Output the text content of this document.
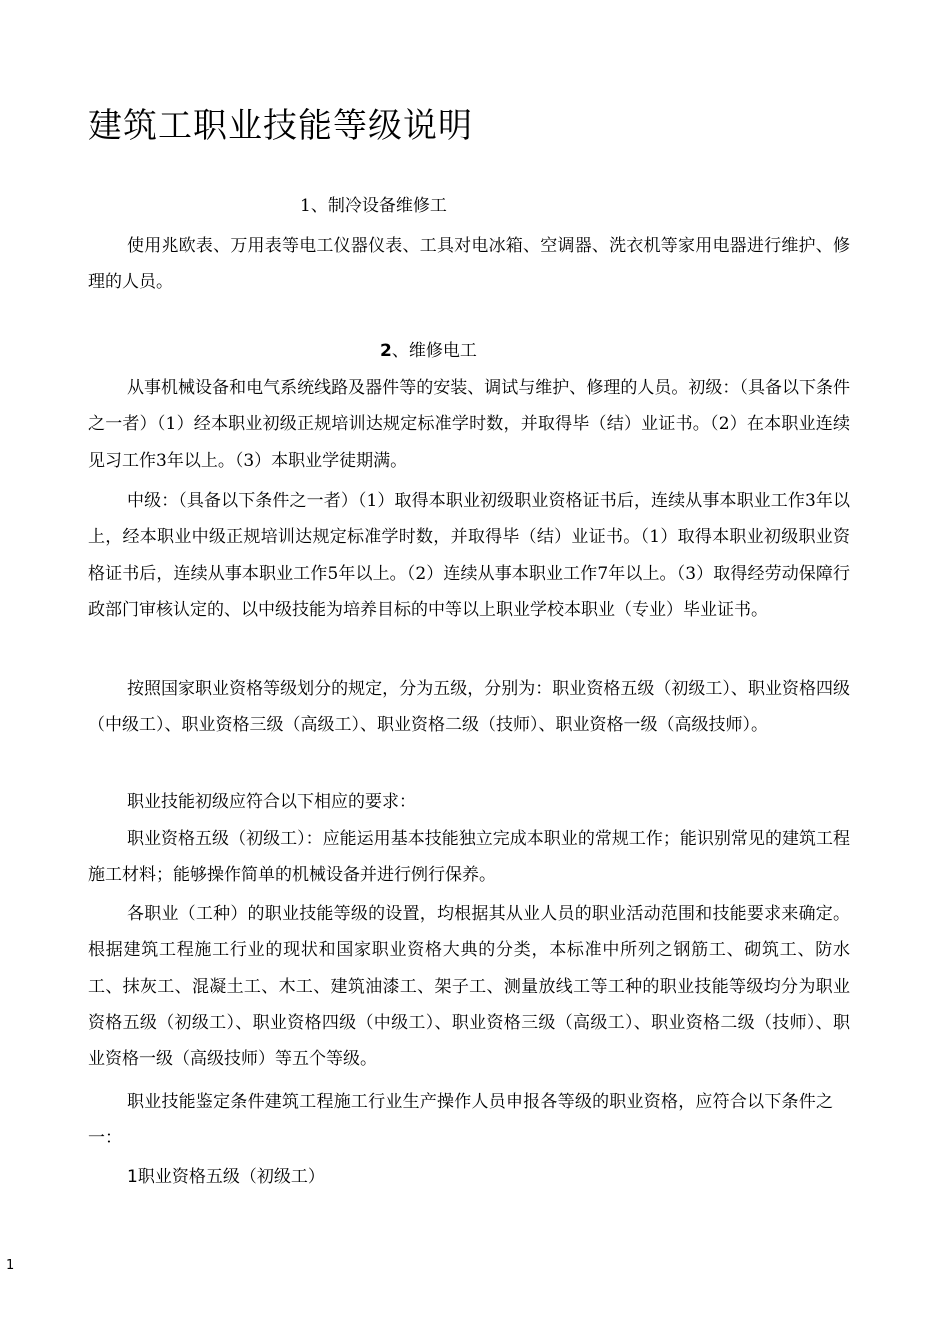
建筑工职业技能等级说明

1、制冷设备维修工

使用兆欧表、万用表等电工仪器仪表、工具对电冰箱、空调器、洗衣机等家用电器进行维护、修理的人员。

2、维修电工

从事机械设备和电气系统线路及器件等的安装、调试与维护、修理的人员。初级：（具备以下条件之一者）（1）经本职业初级正规培训达规定标准学时数，并取得毕（结）业证书。（2）在本职业连续见习工作3年以上。（3）本职业学徒期满。

中级：（具备以下条件之一者）（1）取得本职业初级职业资格证书后，连续从事本职业工作3年以上，经本职业中级正规培训达规定标准学时数，并取得毕（结）业证书。（1）取得本职业初级职业资格证书后，连续从事本职业工作5年以上。（2）连续从事本职业工作7年以上。（3）取得经劳动保障行政部门审核认定的、以中级技能为培养目标的中等以上职业学校本职业（专业）毕业证书。

按照国家职业资格等级划分的规定，分为五级，分别为：职业资格五级（初级工）、职业资格四级（中级工）、职业资格三级（高级工）、职业资格二级（技师）、职业资格一级（高级技师）。

职业技能初级应符合以下相应的要求：

职业资格五级（初级工）：应能运用基本技能独立完成本职业的常规工作；能识别常见的建筑工程施工材料；能够操作简单的机械设备并进行例行保养。

各职业（工种）的职业技能等级的设置，均根据其从业人员的职业活动范围和技能要求来确定。根据建筑工程施工行业的现状和国家职业资格大典的分类，本标准中所列之钢筋工、砌筑工、防水工、抹灰工、混凝土工、木工、建筑油漆工、架子工、测量放线工等工种的职业技能等级均分为职业资格五级（初级工）、职业资格四级（中级工）、职业资格三级（高级工）、职业资格二级（技师）、职业资格一级（高级技师）等五个等级。

职业技能鉴定条件建筑工程施工行业生产操作人员申报各等级的职业资格，应符合以下条件之一：

1职业资格五级（初级工）

1
